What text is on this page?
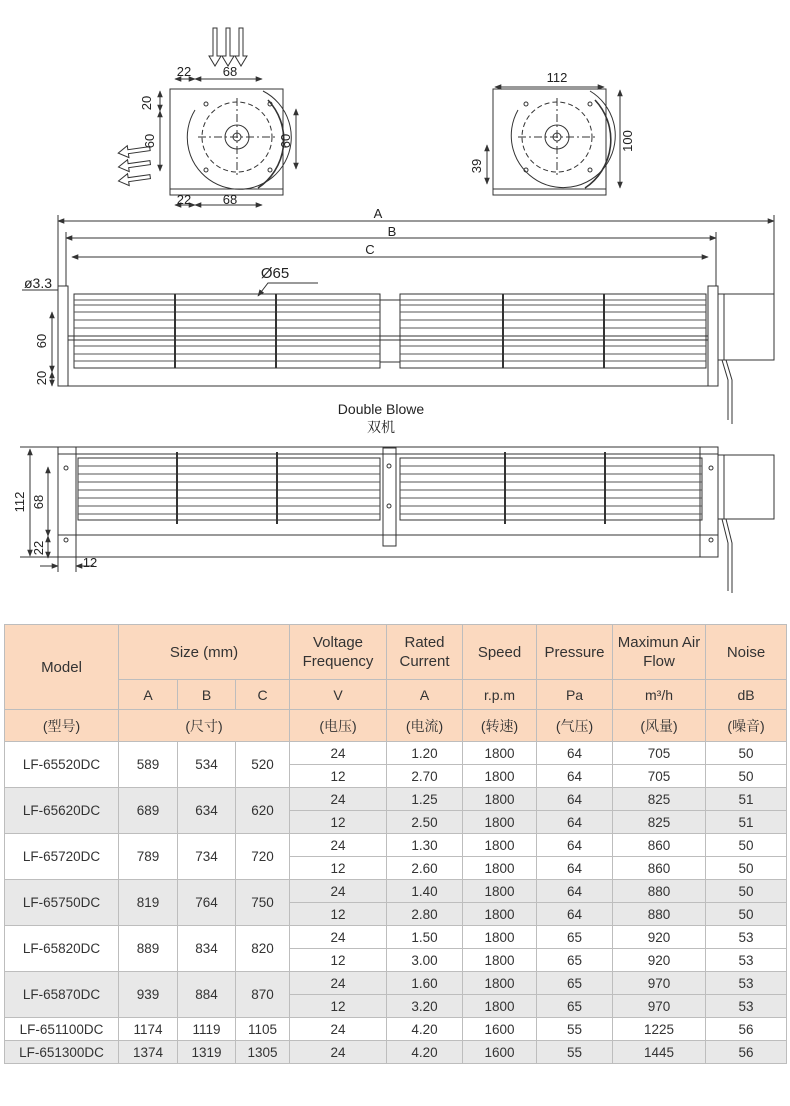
22 68
20
60	60
22 68
112
39
100
A
B
C
Ø65
ø3.3
60
20
Double Blowe
双机
112 68
22
12
Model	Size (mm)			Voltage Frequency	Rated Current	Speed	Pressure	Maximun Air Flow	Noise
	A	B	C	V	A	r.p.m	Pa	m³/h	dB
(型号)	(尺寸)			(电压)	(电流)	(转速)	(气压)	(风量)	(噪音)
LF-65520DC	589	534	520	24	1.20	1800	64	705	50
				12	2.70	1800	64	705	50
LF-65620DC	689	634	620	24	1.25	1800	64	825	51
				12	2.50	1800	64	825	51
LF-65720DC	789	734	720	24	1.30	1800	64	860	50
				12	2.60	1800	64	860	50
LF-65750DC	819	764	750	24	1.40	1800	64	880	50
				12	2.80	1800	64	880	50
LF-65820DC	889	834	820	24	1.50	1800	65	920	53
				12	3.00	1800	65	920	53
LF-65870DC	939	884	870	24	1.60	1800	65	970	53
				12	3.20	1800	65	970	53
LF-651100DC	1174	1119	1105	24	4.20	1600	55	1225	56
LF-651300DC	1374	1319	1305	24	4.20	1600	55	1445	56
